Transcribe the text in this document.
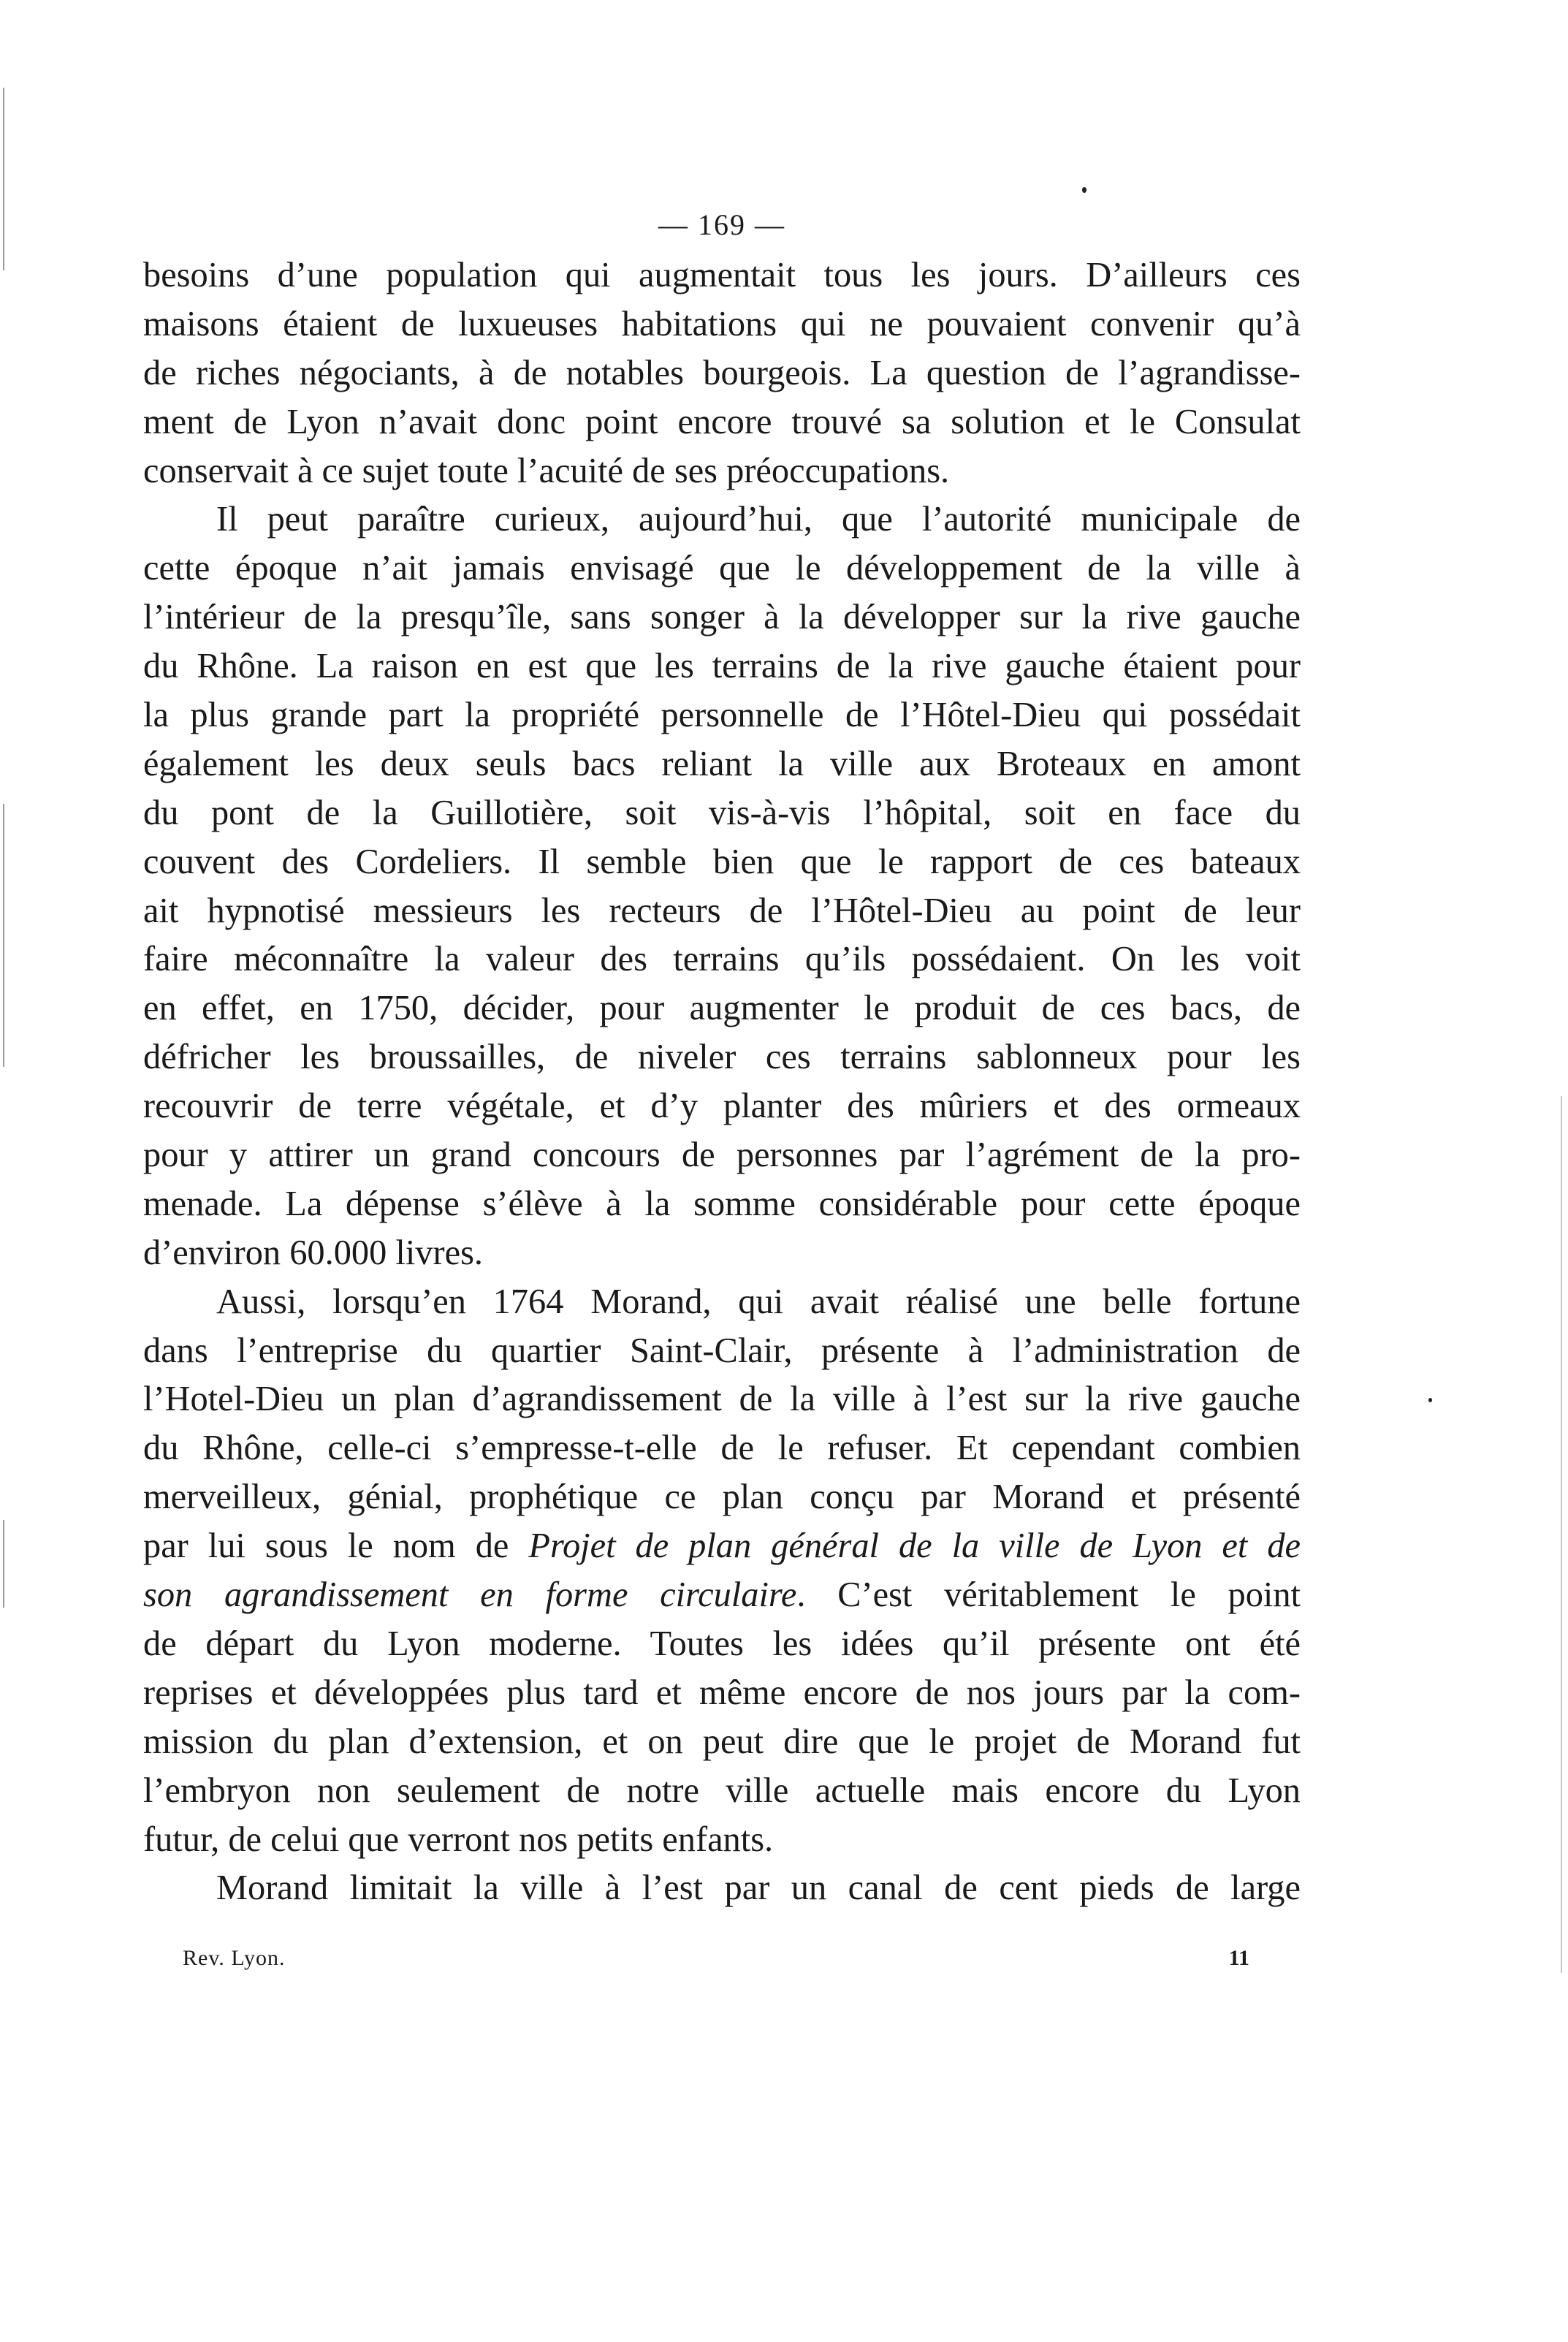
— 169 —
besoins d’une population qui augmentait tous les jours. D’ailleurs ces
maisons étaient de luxueuses habitations qui ne pouvaient convenir qu’à
de riches négociants, à de notables bourgeois. La question de l’agrandisse-
ment de Lyon n’avait donc point encore trouvé sa solution et le Consulat
conservait à ce sujet toute l’acuité de ses préoccupations.
Il peut paraître curieux, aujourd’hui, que l’autorité municipale de
cette époque n’ait jamais envisagé que le développement de la ville à
l’intérieur de la presqu’île, sans songer à la développer sur la rive gauche
du Rhône. La raison en est que les terrains de la rive gauche étaient pour
la plus grande part la propriété personnelle de l’Hôtel-Dieu qui possédait
également les deux seuls bacs reliant la ville aux Broteaux en amont
du pont de la Guillotière, soit vis-à-vis l’hôpital, soit en face du
couvent des Cordeliers. Il semble bien que le rapport de ces bateaux
ait hypnotisé messieurs les recteurs de l’Hôtel-Dieu au point de leur
faire méconnaître la valeur des terrains qu’ils possédaient. On les voit
en effet, en 1750, décider, pour augmenter le produit de ces bacs, de
défricher les broussailles, de niveler ces terrains sablonneux pour les
recouvrir de terre végétale, et d’y planter des mûriers et des ormeaux
pour y attirer un grand concours de personnes par l’agrément de la pro-
menade. La dépense s’élève à la somme considérable pour cette époque
d’environ 60.000 livres.
Aussi, lorsqu’en 1764 Morand, qui avait réalisé une belle fortune
dans l’entreprise du quartier Saint-Clair, présente à l’administration de
l’Hotel-Dieu un plan d’agrandissement de la ville à l’est sur la rive gauche
du Rhône, celle-ci s’empresse-t-elle de le refuser. Et cependant combien
merveilleux, génial, prophétique ce plan conçu par Morand et présenté
par lui sous le nom de Projet de plan général de la ville de Lyon et de
son agrandissement en forme circulaire. C’est véritablement le point
de départ du Lyon moderne. Toutes les idées qu’il présente ont été
reprises et développées plus tard et même encore de nos jours par la com-
mission du plan d’extension, et on peut dire que le projet de Morand fut
l’embryon non seulement de notre ville actuelle mais encore du Lyon
futur, de celui que verront nos petits enfants.
Morand limitait la ville à l’est par un canal de cent pieds de large
Rev. Lyon.	11
